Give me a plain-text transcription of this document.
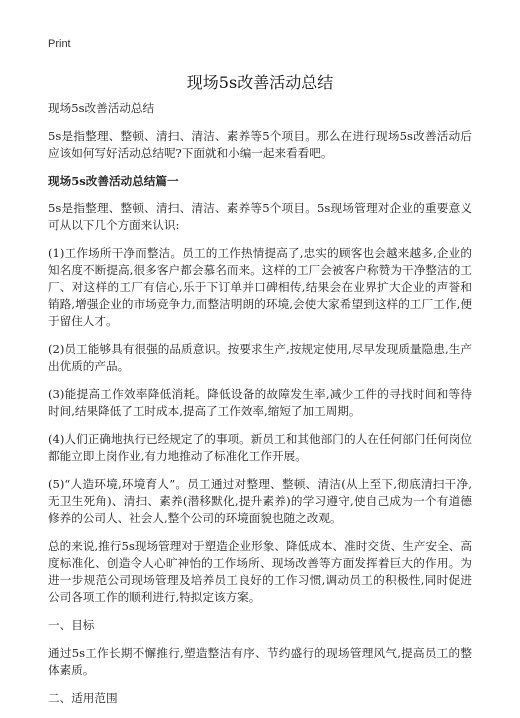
Print
现场5s改善活动总结

现场5s改善活动总结

5s是指整理、整顿、清扫、清洁、素养等5个项目。那么在进行现场5s改善活动后应该如何写好活动总结呢?下面就和小编一起来看看吧。

现场5s改善活动总结篇一

5s是指整理、整顿、清扫、清洁、素养等5个项目。5s现场管理对企业的重要意义可从以下几个方面来认识:

(1)工作场所干净而整洁。员工的工作热情提高了,忠实的顾客也会越来越多,企业的知名度不断提高,很多客户都会慕名而来。这样的工厂会被客户称赞为干净整洁的工厂、对这样的工厂有信心,乐于下订单并口碑相传,结果会在业界扩大企业的声誉和销路,增强企业的市场竞争力,而整洁明朗的环境,会使大家希望到这样的工厂工作,便于留住人才。

(2)员工能够具有很强的品质意识。按要求生产,按规定使用,尽早发现质量隐患,生产出优质的产品。

(3)能提高工作效率降低消耗。降低设备的故障发生率,减少工件的寻找时间和等待时间,结果降低了工时成本,提高了工作效率,缩短了加工周期。

(4)人们正确地执行已经规定了的事项。新员工和其他部门的人在任何部门任何岗位都能立即上岗作业,有力地推动了标准化工作开展。

(5)“人造环境,环境育人”。员工通过对整理、整顿、清洁(从上至下,彻底清扫干净,无卫生死角)、清扫、素养(潜移默化,提升素养)的学习遵守,使自己成为一个有道德修养的公司人、社会人,整个公司的环境面貌也随之改观。

总的来说,推行5s现场管理对于塑造企业形象、降低成本、准时交货、生产安全、高度标准化、创造令人心旷神怡的工作场所、现场改善等方面发挥着巨大的作用。为进一步规范公司现场管理及培养员工良好的工作习惯,调动员工的积极性,同时促进公司各项工作的顺利进行,特拟定该方案。

一、目标

通过5s工作长期不懈推行,塑造整洁有序、节约盛行的现场管理风气,提高员工的整体素质。

二、适用范围
